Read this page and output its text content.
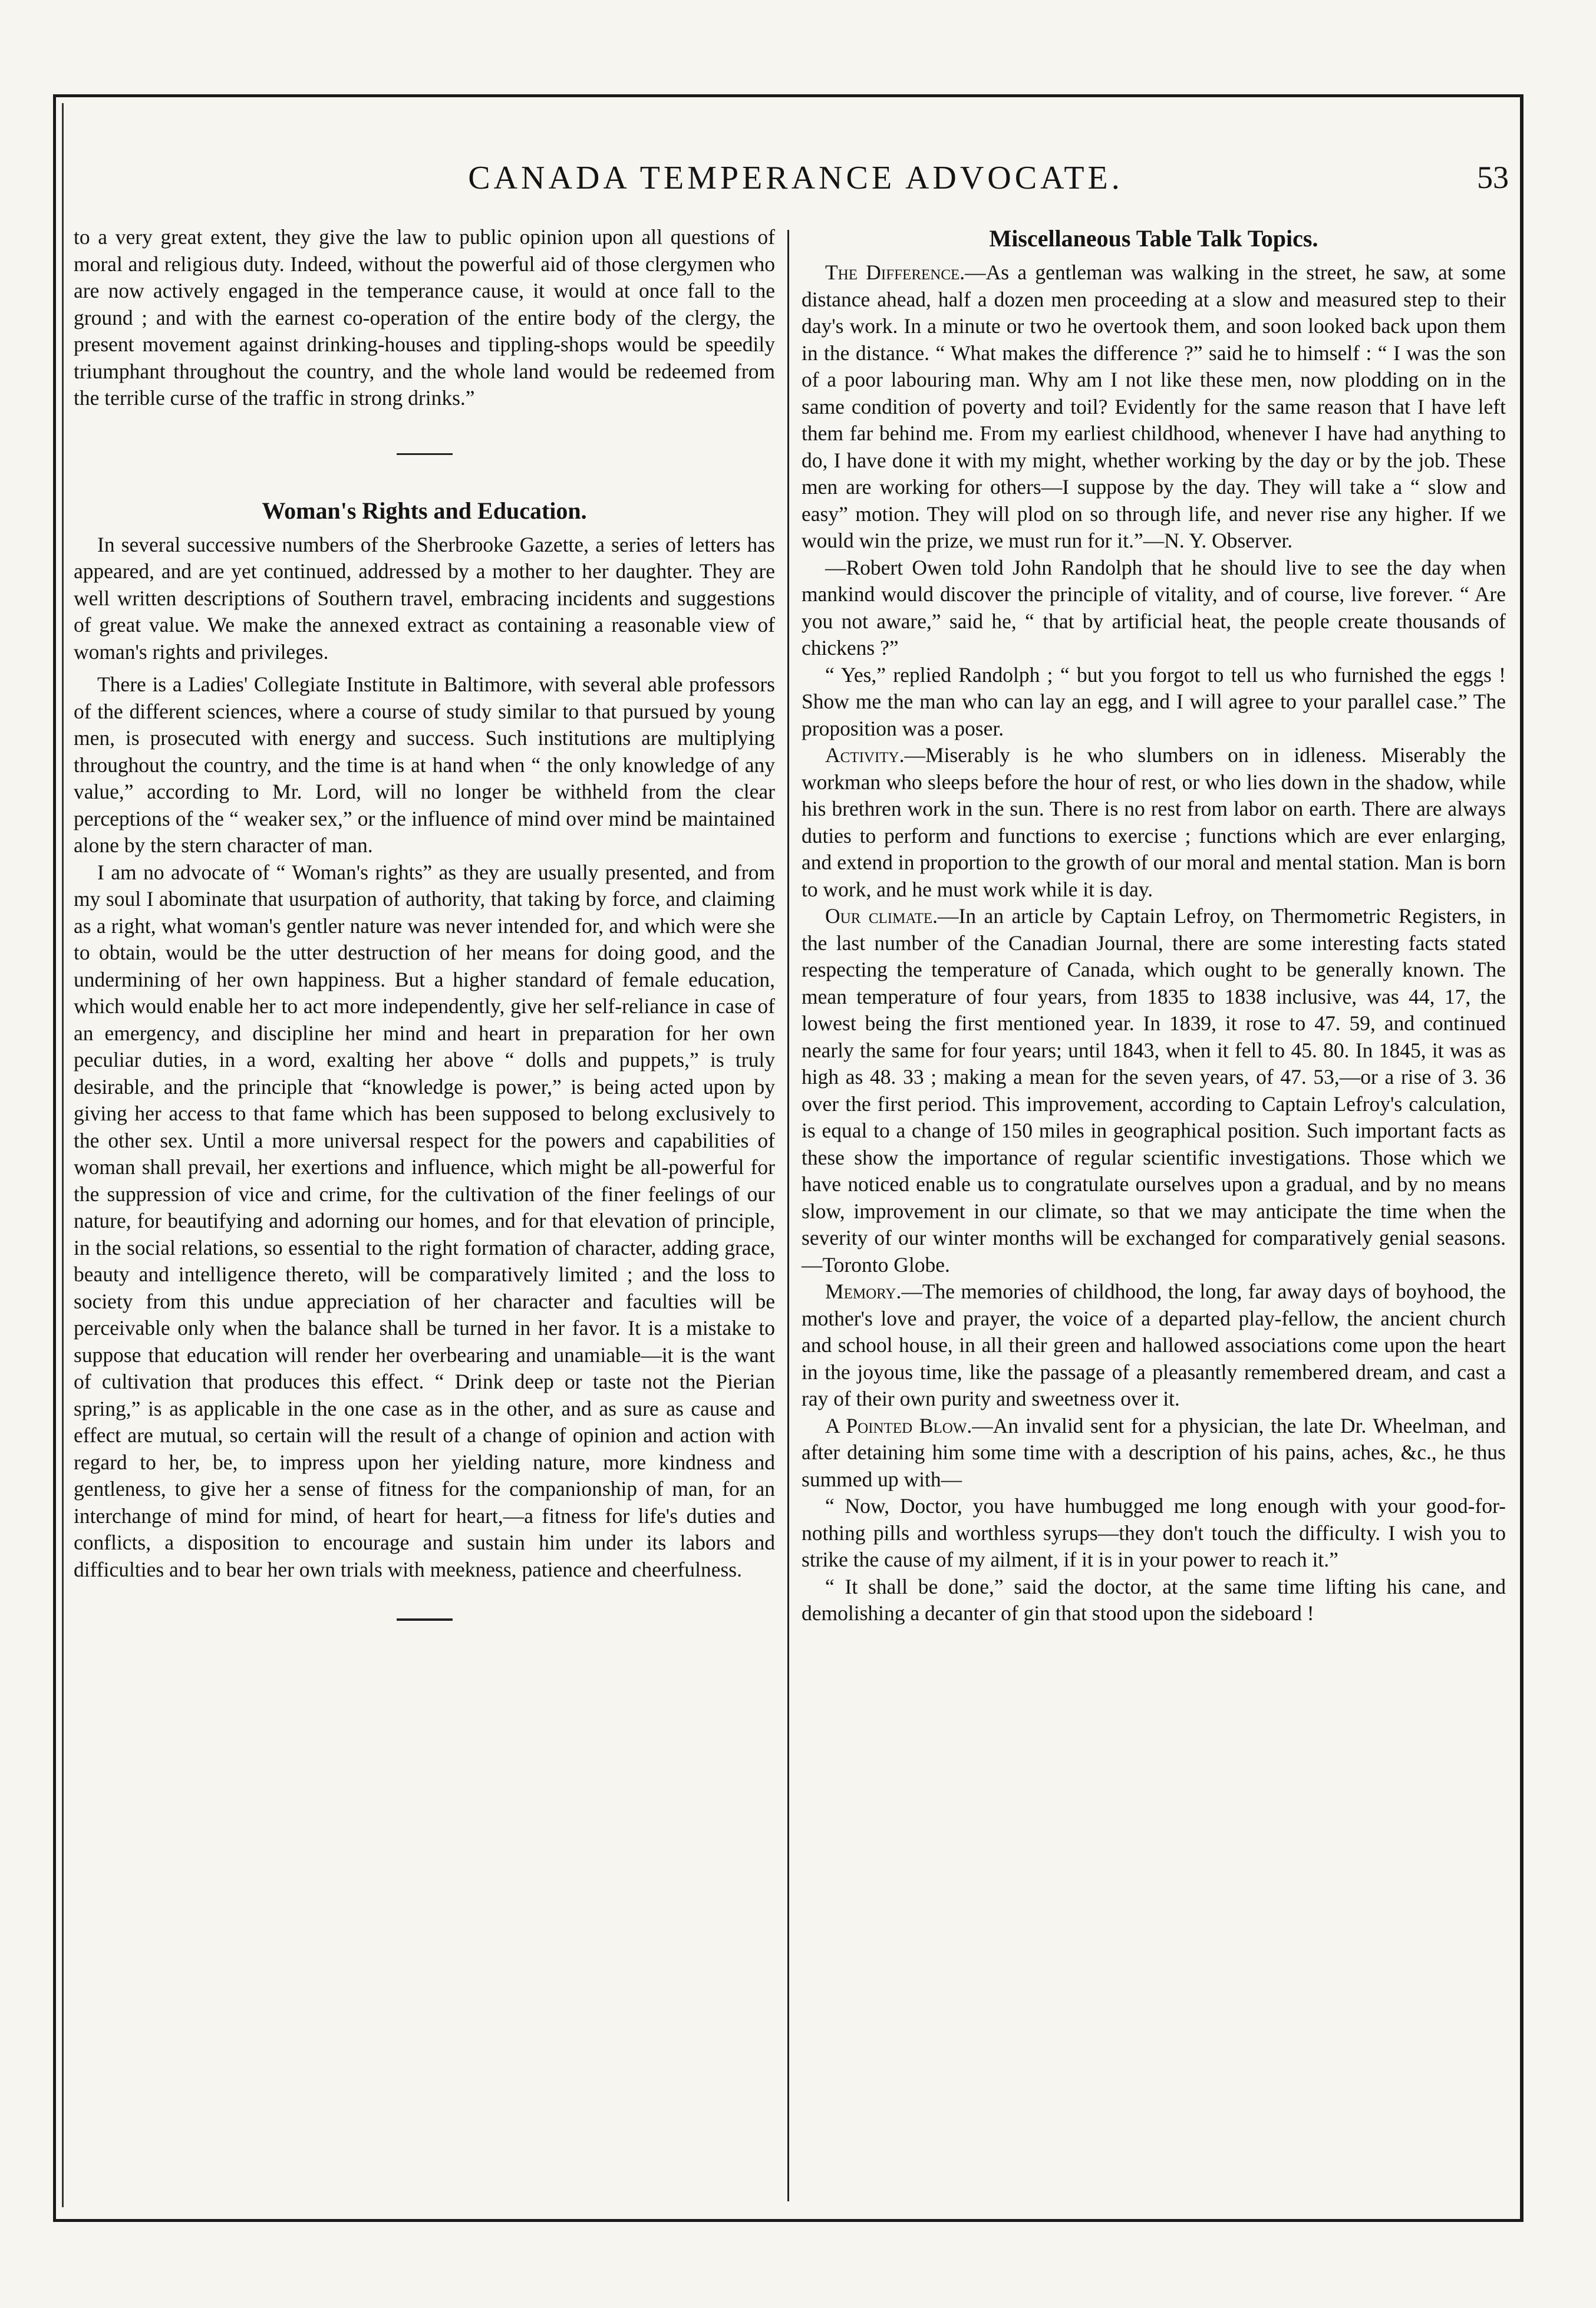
CANADA TEMPERANCE ADVOCATE.	53

to a very great extent, they give the law to public opinion upon all questions of moral and religious duty. Indeed, without the powerful aid of those clergymen who are now actively engaged in the temperance cause, it would at once fall to the ground ; and with the earnest co-operation of the entire body of the clergy, the present movement against drinking-houses and tippling-shops would be speedily triumphant throughout the country, and the whole land would be redeemed from the terrible curse of the traffic in strong drinks.”

Woman's Rights and Education.

In several successive numbers of the Sherbrooke Gazette, a series of letters has appeared, and are yet continued, addressed by a mother to her daughter. They are well written descriptions of Southern travel, embracing incidents and suggestions of great value. We make the annexed extract as containing a reasonable view of woman's rights and privileges.

There is a Ladies' Collegiate Institute in Baltimore, with several able professors of the different sciences, where a course of study similar to that pursued by young men, is prosecuted with energy and success. Such institutions are multiplying throughout the country, and the time is at hand when “ the only knowledge of any value,” according to Mr. Lord, will no longer be withheld from the clear perceptions of the “ weaker sex,” or the influence of mind over mind be maintained alone by the stern character of man.

I am no advocate of “ Woman's rights” as they are usually presented, and from my soul I abominate that usurpation of authority, that taking by force, and claiming as a right, what woman's gentler nature was never intended for, and which were she to obtain, would be the utter destruction of her means for doing good, and the undermining of her own happiness. But a higher standard of female education, which would enable her to act more independently, give her self-reliance in case of an emergency, and discipline her mind and heart in preparation for her own peculiar duties, in a word, exalting her above “ dolls and puppets,” is truly desirable, and the principle that “knowledge is power,” is being acted upon by giving her access to that fame which has been supposed to belong exclusively to the other sex. Until a more universal respect for the powers and capabilities of woman shall prevail, her exertions and influence, which might be all-powerful for the suppression of vice and crime, for the cultivation of the finer feelings of our nature, for beautifying and adorning our homes, and for that elevation of principle, in the social relations, so essential to the right formation of character, adding grace, beauty and intelligence thereto, will be comparatively limited ; and the loss to society from this undue appreciation of her character and faculties will be perceivable only when the balance shall be turned in her favor. It is a mistake to suppose that education will render her overbearing and unamiable—it is the want of cultivation that produces this effect. “ Drink deep or taste not the Pierian spring,” is as applicable in the one case as in the other, and as sure as cause and effect are mutual, so certain will the result of a change of opinion and action with regard to her, be, to impress upon her yielding nature, more kindness and gentleness, to give her a sense of fitness for the companionship of man, for an interchange of mind for mind, of heart for heart,—a fitness for life's duties and conflicts, a disposition to encourage and sustain him under its labors and difficulties and to bear her own trials with meekness, patience and cheerfulness.

Miscellaneous Table Talk Topics.

The Difference.—As a gentleman was walking in the street, he saw, at some distance ahead, half a dozen men proceeding at a slow and measured step to their day's work. In a minute or two he overtook them, and soon looked back upon them in the distance. “ What makes the difference ?” said he to himself : “ I was the son of a poor labouring man. Why am I not like these men, now plodding on in the same condition of poverty and toil? Evidently for the same reason that I have left them far behind me. From my earliest childhood, whenever I have had anything to do, I have done it with my might, whether working by the day or by the job. These men are working for others—I suppose by the day. They will take a “ slow and easy” motion. They will plod on so through life, and never rise any higher. If we would win the prize, we must run for it.”—N. Y. Observer.

—Robert Owen told John Randolph that he should live to see the day when mankind would discover the principle of vitality, and of course, live forever. “ Are you not aware,” said he, “ that by artificial heat, the people create thousands of chickens ?”

“ Yes,” replied Randolph ; “ but you forgot to tell us who furnished the eggs ! Show me the man who can lay an egg, and I will agree to your parallel case.” The proposition was a poser.

Activity.—Miserably is he who slumbers on in idleness. Miserably the workman who sleeps before the hour of rest, or who lies down in the shadow, while his brethren work in the sun. There is no rest from labor on earth. There are always duties to perform and functions to exercise ; functions which are ever enlarging, and extend in proportion to the growth of our moral and mental station. Man is born to work, and he must work while it is day.

Our climate.—In an article by Captain Lefroy, on Thermometric Registers, in the last number of the Canadian Journal, there are some interesting facts stated respecting the temperature of Canada, which ought to be generally known. The mean temperature of four years, from 1835 to 1838 inclusive, was 44, 17, the lowest being the first mentioned year. In 1839, it rose to 47. 59, and continued nearly the same for four years; until 1843, when it fell to 45. 80. In 1845, it was as high as 48. 33 ; making a mean for the seven years, of 47. 53,—or a rise of 3. 36 over the first period. This improvement, according to Captain Lefroy's calculation, is equal to a change of 150 miles in geographical position. Such important facts as these show the importance of regular scientific investigations. Those which we have noticed enable us to congratulate ourselves upon a gradual, and by no means slow, improvement in our climate, so that we may anticipate the time when the severity of our winter months will be exchanged for comparatively genial seasons.—Toronto Globe.

Memory.—The memories of childhood, the long, far away days of boyhood, the mother's love and prayer, the voice of a departed play-fellow, the ancient church and school house, in all their green and hallowed associations come upon the heart in the joyous time, like the passage of a pleasantly remembered dream, and cast a ray of their own purity and sweetness over it.

A Pointed Blow.—An invalid sent for a physician, the late Dr. Wheelman, and after detaining him some time with a description of his pains, aches, &c., he thus summed up with—

“ Now, Doctor, you have humbugged me long enough with your good-for-nothing pills and worthless syrups—they don't touch the difficulty. I wish you to strike the cause of my ailment, if it is in your power to reach it.”

“ It shall be done,” said the doctor, at the same time lifting his cane, and demolishing a decanter of gin that stood upon the sideboard !
